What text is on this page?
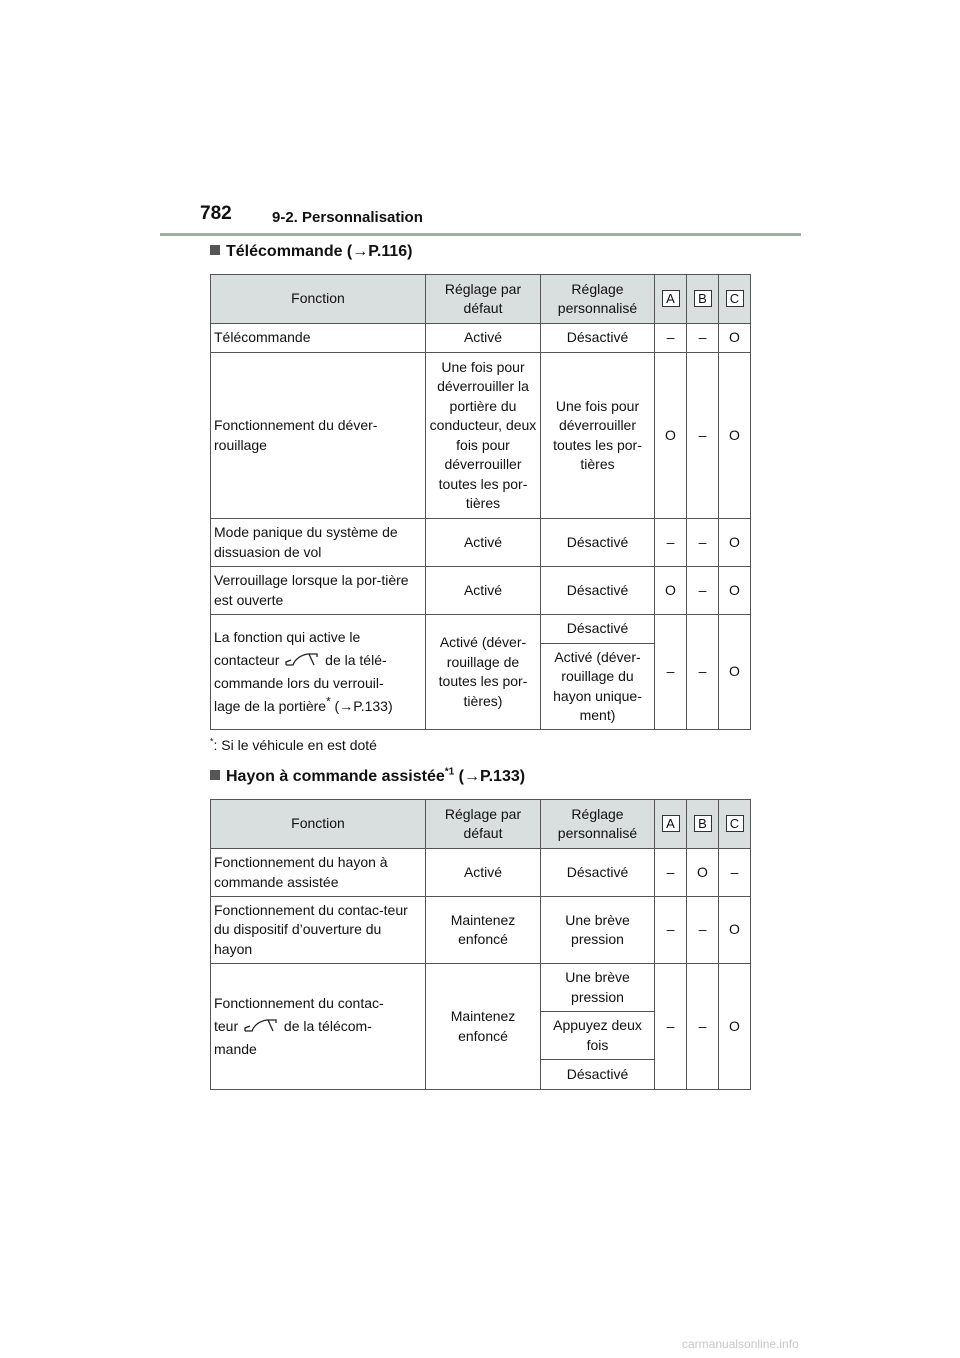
782	9-2. Personnalisation
Télécommande (→P.116)
Fonction	Réglage par défaut	Réglage personnalisé	A	B	C
Télécommande	Activé	Désactivé	–	–	O
Fonctionnement du déver-rouillage	Une fois pour déverrouiller la portière du conducteur, deux fois pour déverrouiller toutes les por-tières	Une fois pour déverrouiller toutes les por-tières	O	–	O
Mode panique du système de dissuasion de vol	Activé	Désactivé	–	–	O
Verrouillage lorsque la por-tière est ouverte	Activé	Désactivé	O	–	O
La fonction qui active le
contacteur de la télé-
commande lors du verrouil-
lage de la portière* (→P.133)	Activé (déver-rouillage de toutes les por-tières)	Désactivé	–	–	O
		Activé (déver-rouillage du hayon unique-ment)			
*: Si le véhicule en est doté
Hayon à commande assistée$^{*1}$ (→P.133)
Fonction	Réglage par défaut	Réglage personnalisé	A	B	C
Fonctionnement du hayon à commande assistée	Activé	Désactivé	–	O	–
Fonctionnement du contac-teur du dispositif d’ouverture du hayon	Maintenez enfoncé	Une brève pression	–	–	O
Fonctionnement du contac-
teur de la télécom-
mande	Maintenez enfoncé	Une brève pression	–	–	O
		Appuyez deux fois			
		Désactivé			
carmanualsonline.info
